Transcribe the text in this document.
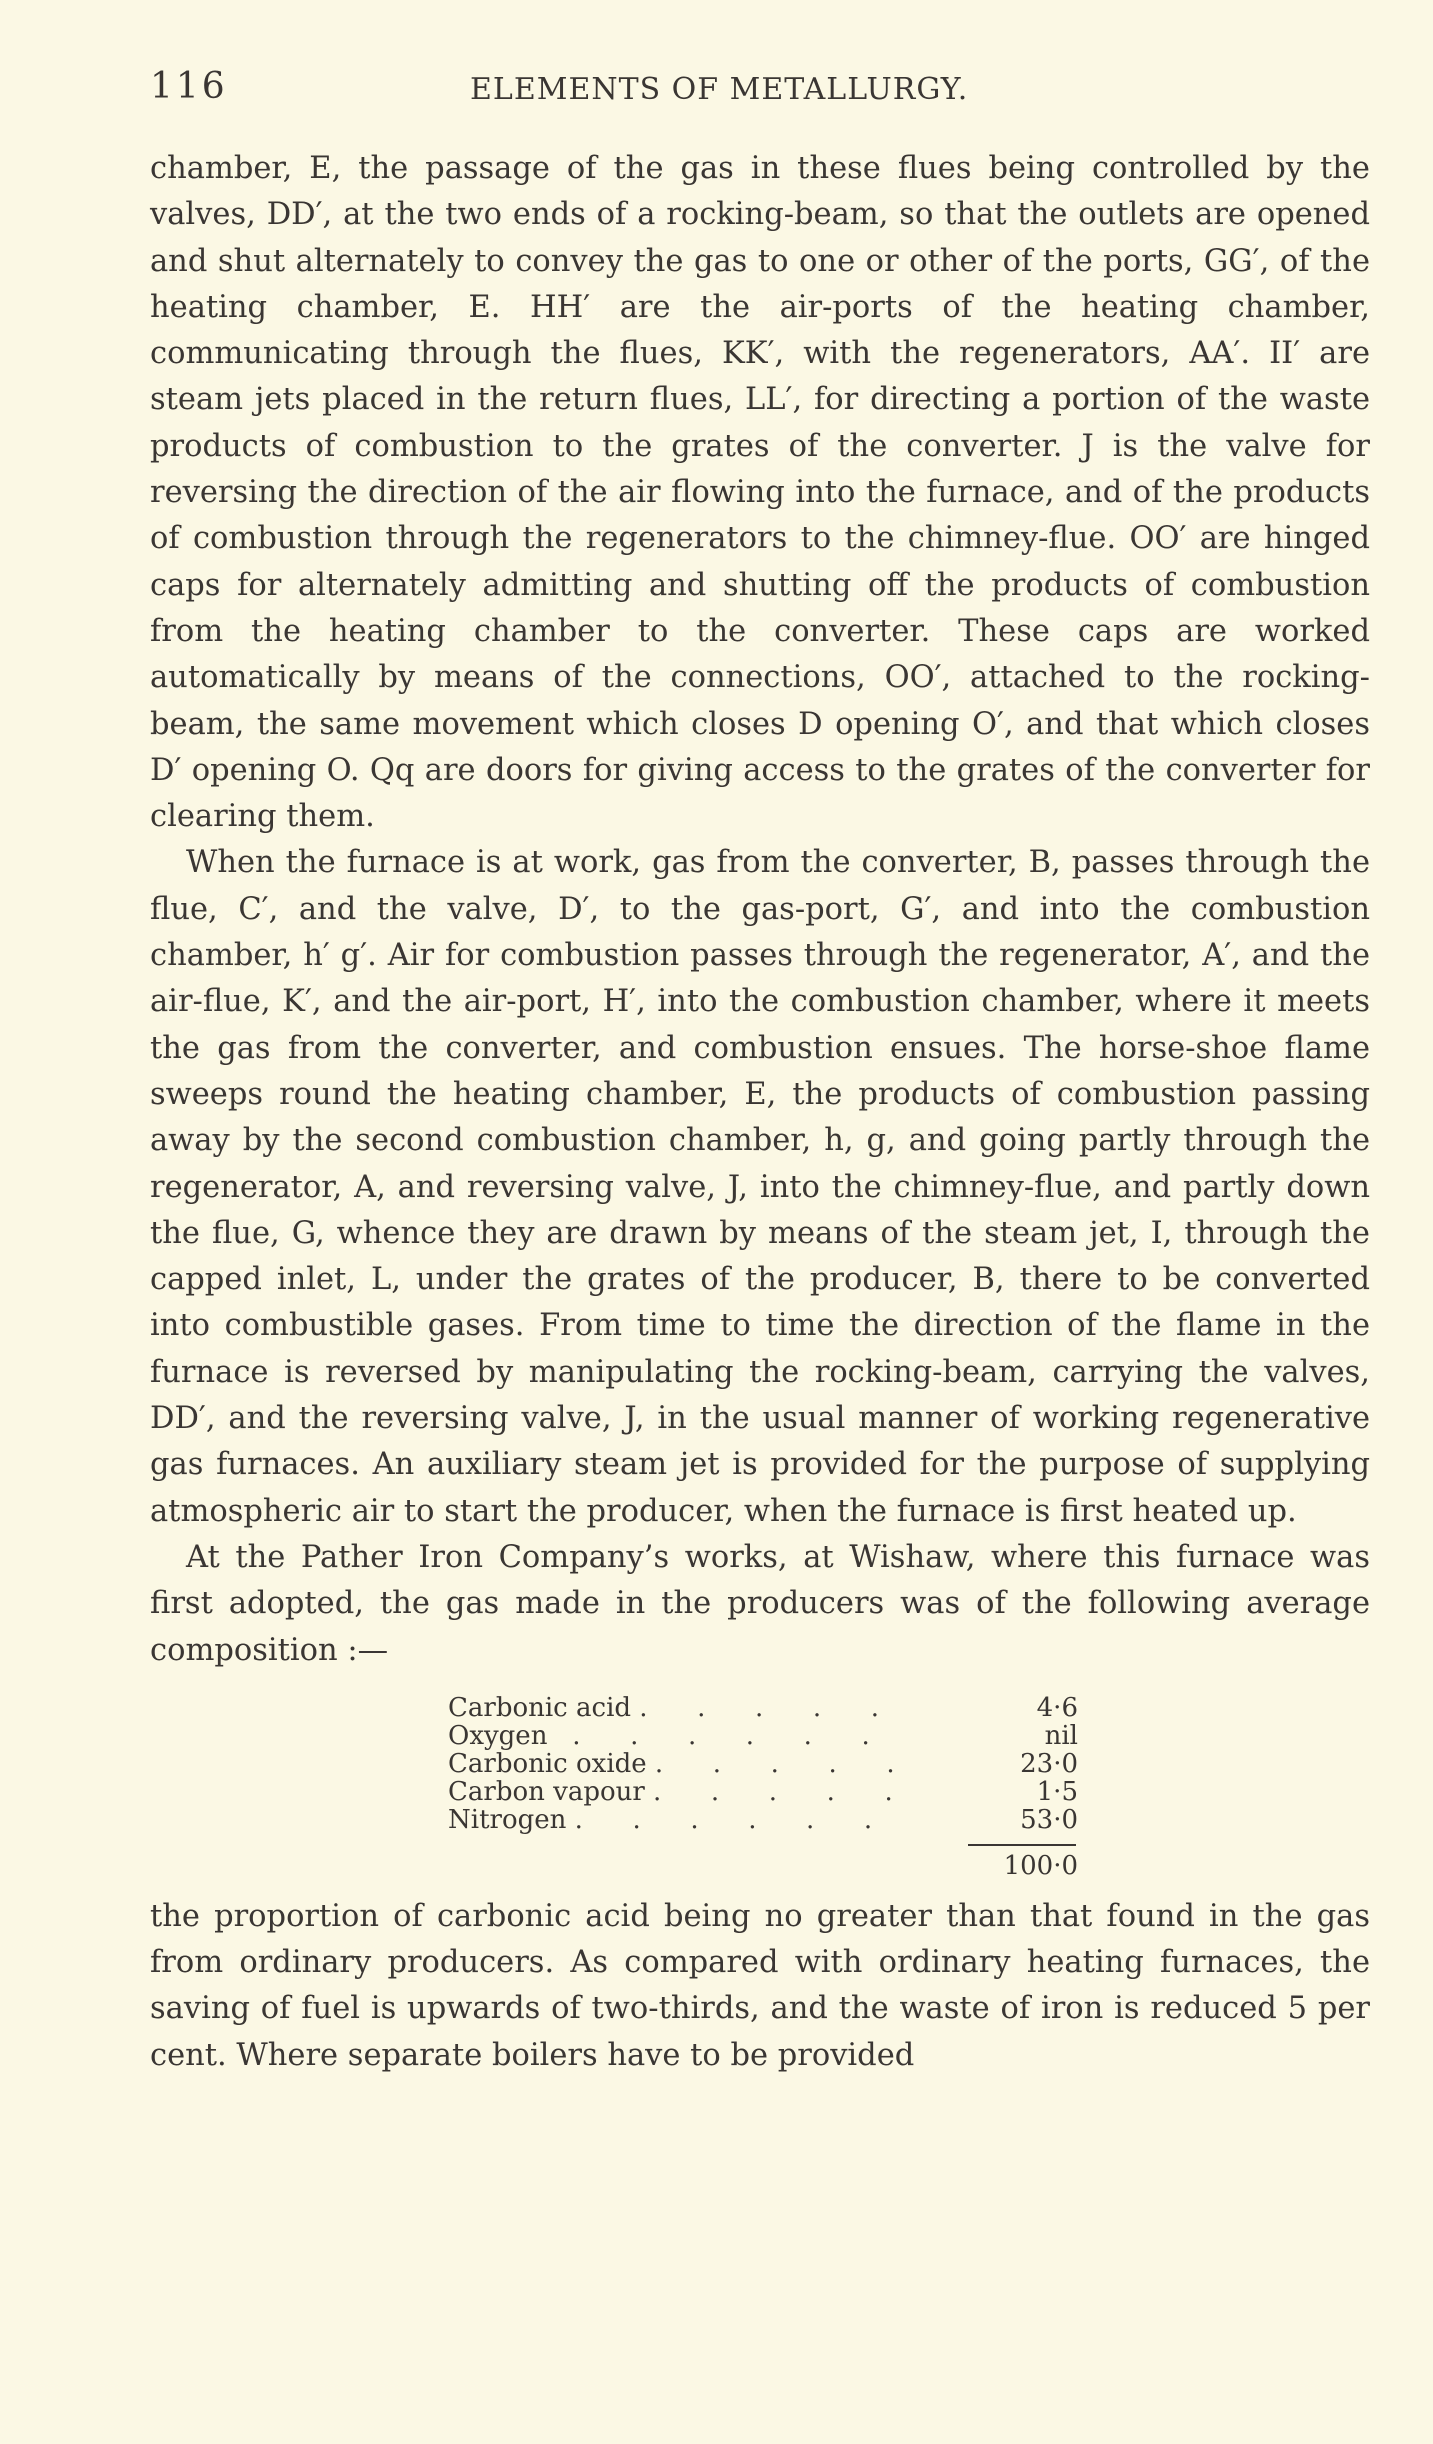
116	ELEMENTS OF METALLURGY.

chamber, E, the passage of the gas in these flues being controlled by the valves, DD′, at the two ends of a rocking-beam, so that the outlets are opened and shut alternately to convey the gas to one or other of the ports, GG′, of the heating chamber, E. HH′ are the air-ports of the heating chamber, communicating through the flues, KK′, with the regenerators, AA′. II′ are steam jets placed in the return flues, LL′, for directing a portion of the waste products of combustion to the grates of the converter. J is the valve for reversing the direction of the air flowing into the furnace, and of the products of combustion through the regenerators to the chimney-flue. OO′ are hinged caps for alternately admitting and shutting off the products of combustion from the heating chamber to the converter. These caps are worked automatically by means of the connections, OO′, attached to the rocking-beam, the same movement which closes D opening O′, and that which closes D′ opening O. Qq are doors for giving access to the grates of the converter for clearing them.

When the furnace is at work, gas from the converter, B, passes through the flue, C′, and the valve, D′, to the gas-port, G′, and into the combustion chamber, h′ g′. Air for combustion passes through the regenerator, A′, and the air-flue, K′, and the air-port, H′, into the combustion chamber, where it meets the gas from the converter, and combustion ensues. The horse-shoe flame sweeps round the heating chamber, E, the products of combustion passing away by the second combustion chamber, h, g, and going partly through the regenerator, A, and reversing valve, J, into the chimney-flue, and partly down the flue, G, whence they are drawn by means of the steam jet, I, through the capped inlet, L, under the grates of the producer, B, there to be converted into combustible gases. From time to time the direction of the flame in the furnace is reversed by manipulating the rocking-beam, carrying the valves, DD′, and the reversing valve, J, in the usual manner of working regenerative gas furnaces. An auxiliary steam jet is provided for the purpose of supplying atmospheric air to start the producer, when the furnace is first heated up.

At the Pather Iron Company’s works, at Wishaw, where this furnace was first adopted, the gas made in the producers was of the following average composition :—

Carbonic acid .      .      .      .      .	4·6
Oxygen   .      .      .      .      .      .	nil
Carbonic oxide .      .      .      .      .	23·0
Carbon vapour .      .      .      .      .	1·5
Nitrogen .      .      .      .      .      .	53·0
100·0

the proportion of carbonic acid being no greater than that found in the gas from ordinary producers. As compared with ordinary heating furnaces, the saving of fuel is upwards of two-thirds, and the waste of iron is reduced 5 per cent. Where separate boilers have to be provided
